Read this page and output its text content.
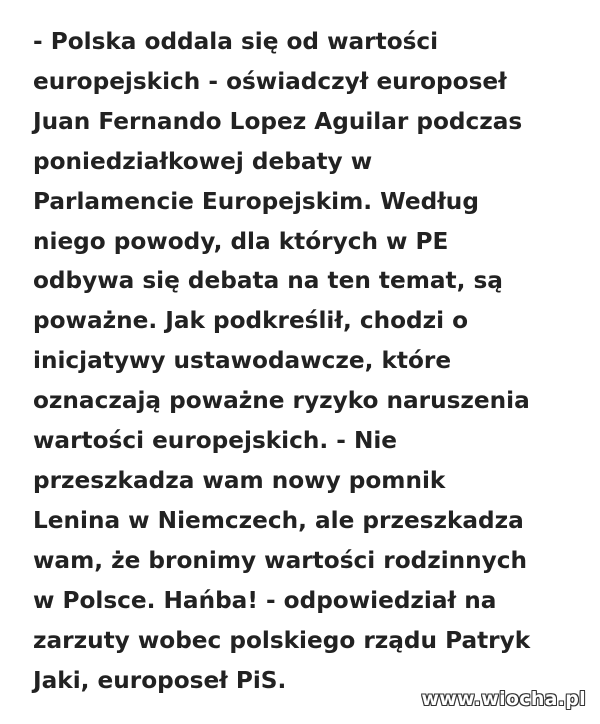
- Polska oddala się od wartości
europejskich - oświadczył europoseł
Juan Fernando Lopez Aguilar podczas
poniedziałkowej debaty w
Parlamencie Europejskim. Według
niego powody, dla których w PE
odbywa się debata na ten temat, są
poważne. Jak podkreślił, chodzi o
inicjatywy ustawodawcze, które
oznaczają poważne ryzyko naruszenia
wartości europejskich. - Nie
przeszkadza wam nowy pomnik
Lenina w Niemczech, ale przeszkadza
wam, że bronimy wartości rodzinnych
w Polsce. Hańba! - odpowiedział na
zarzuty wobec polskiego rządu Patryk
Jaki, europoseł PiS.
www.wiocha.pl
